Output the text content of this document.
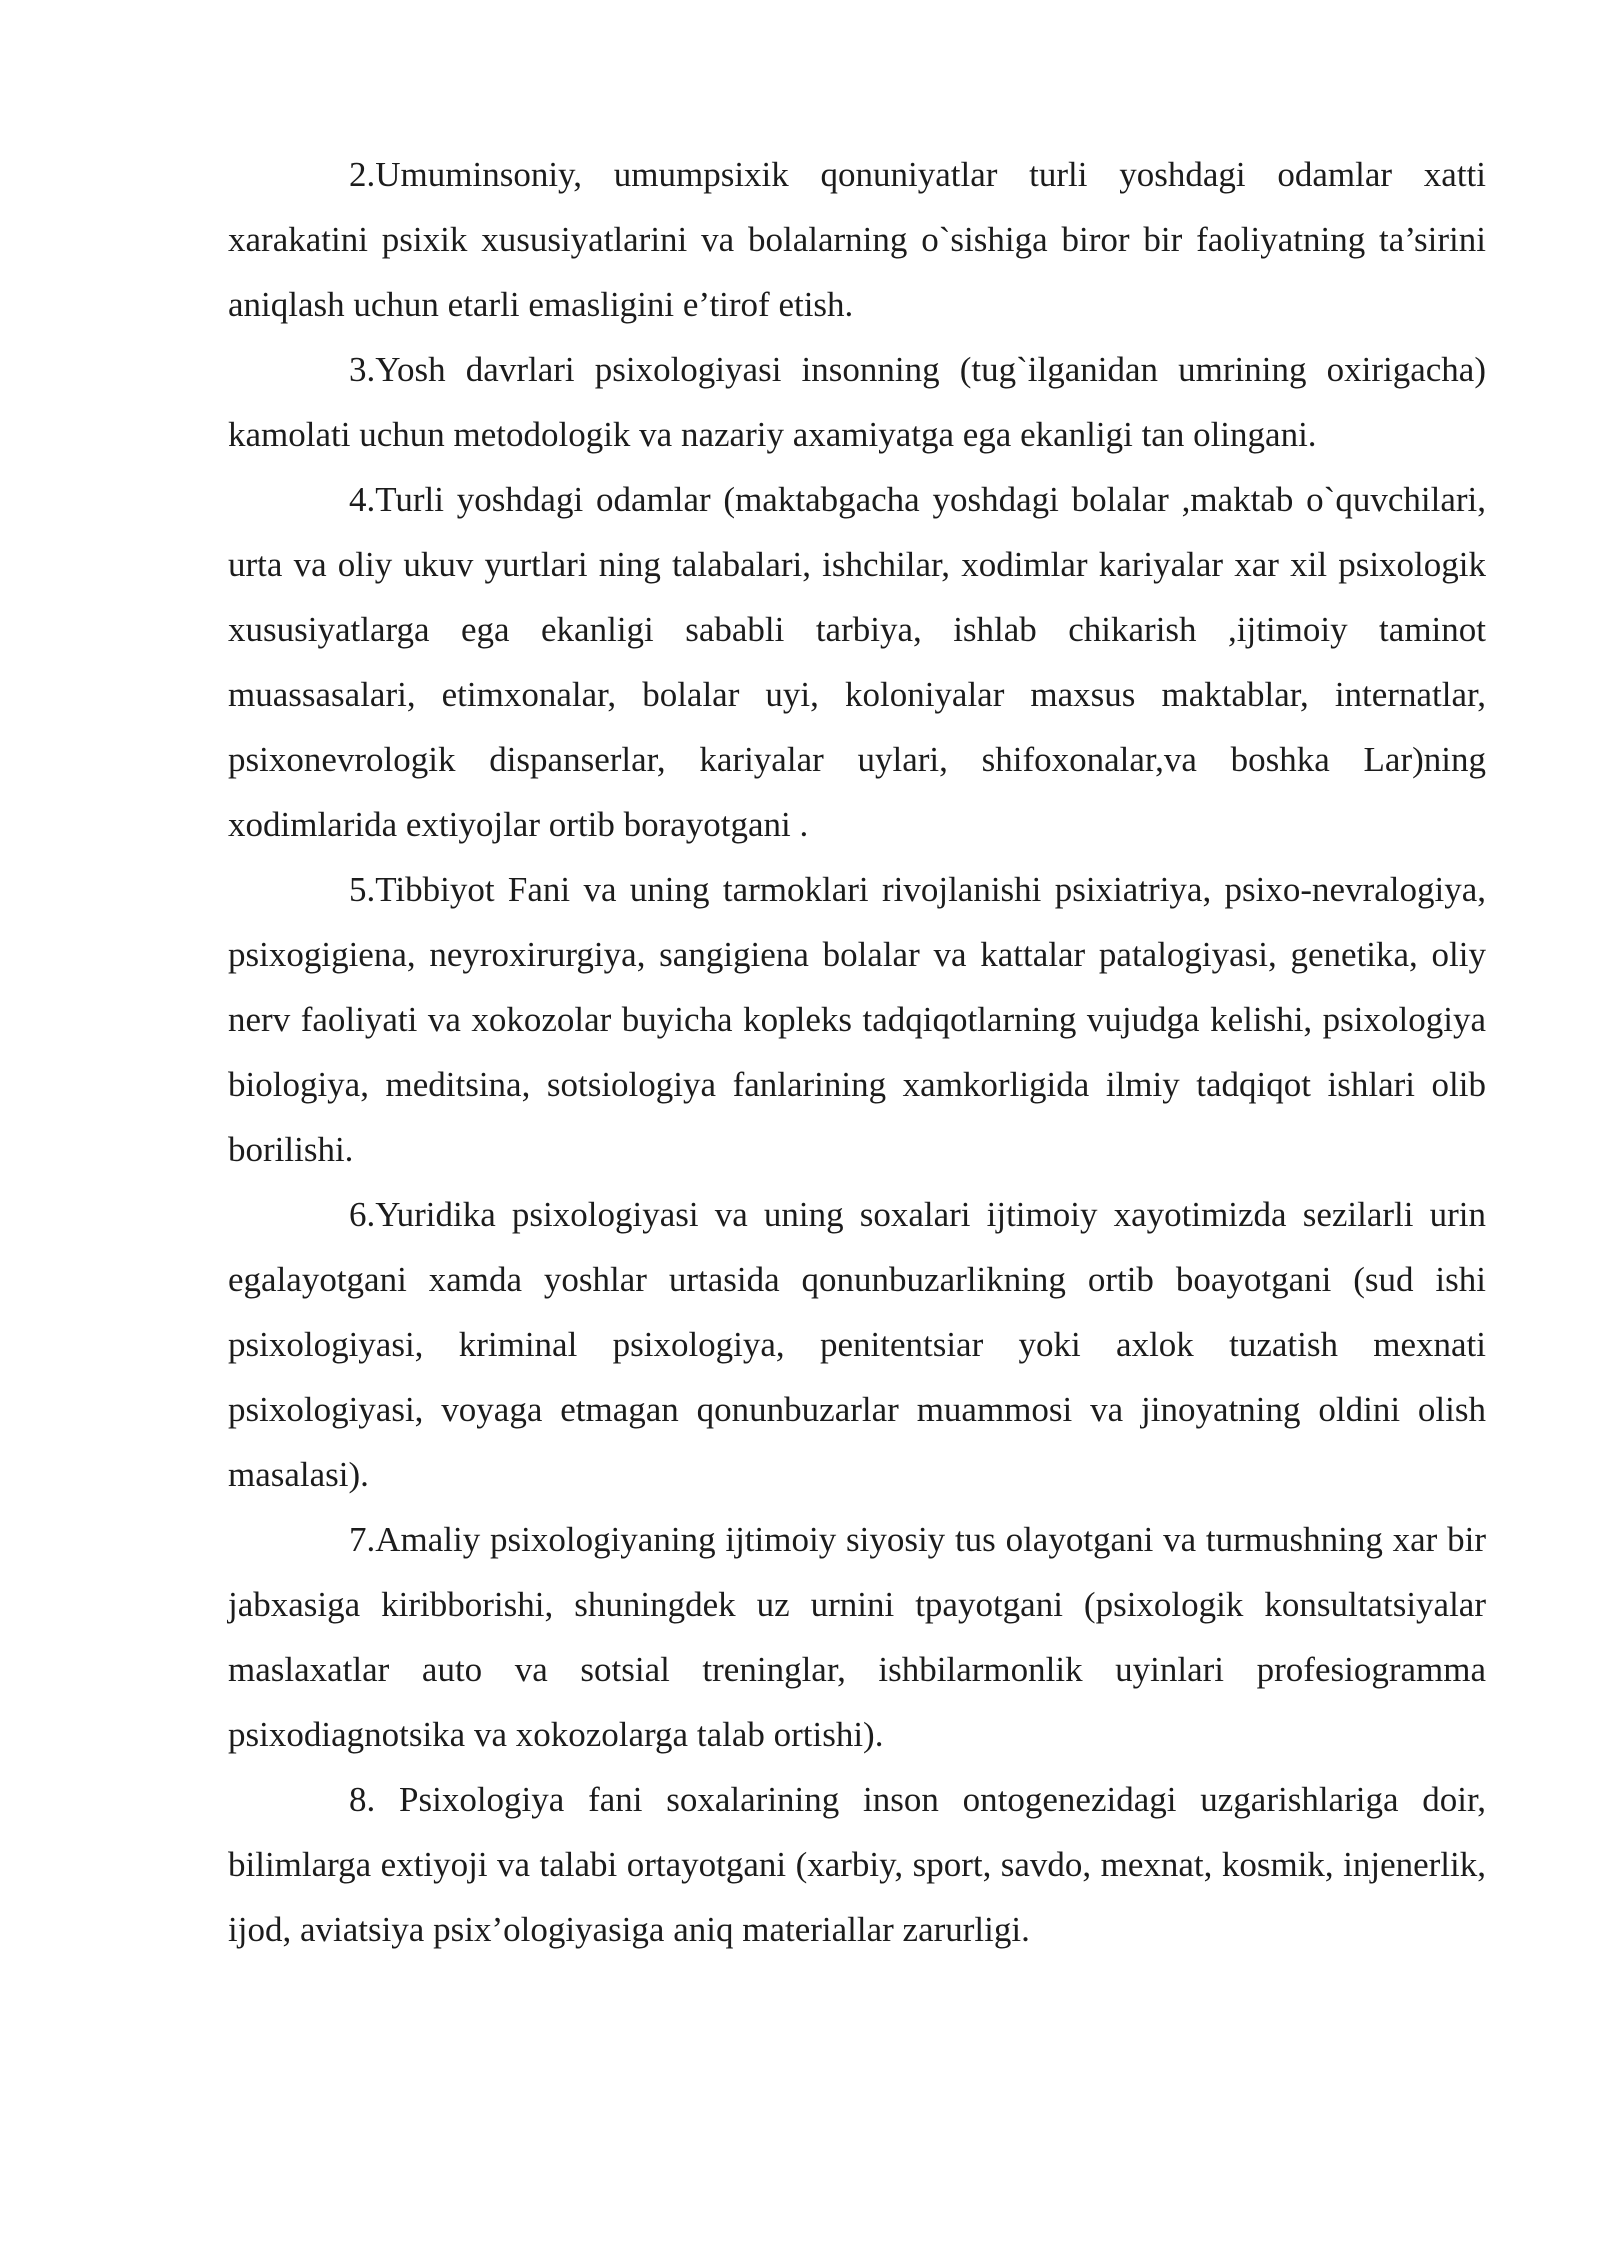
2.Umuminsoniy, umumpsixik qonuniyatlar turli yoshdagi odamlar xatti xarakatini psixik xususiyatlarini va bolalarning o`sishiga biror bir faoliyatning ta’sirini aniqlash uchun etarli emasligini e’tirof etish.

3.Yosh davrlari psixologiyasi insonning (tug`ilganidan umrining oxirigacha) kamolati uchun metodologik va nazariy axamiyatga ega ekanligi tan olingani.

4.Turli yoshdagi odamlar (maktabgacha yoshdagi bolalar ,maktab o`quvchilari, urta va oliy ukuv yurtlari ning talabalari, ishchilar, xodimlar kariyalar xar xil psixologik xususiyatlarga ega ekanligi sababli tarbiya, ishlab chikarish ,ijtimoiy taminot muassasalari, etimxonalar, bolalar uyi, koloniyalar maxsus maktablar, internatlar, psixonevrologik dispanserlar, kariyalar uylari, shifoxonalar,va boshka Lar)ning xodimlarida extiyojlar ortib borayotgani .

5.Tibbiyot Fani va uning tarmoklari rivojlanishi psixiatriya, psixo-nevralogiya, psixogigiena, neyroxirurgiya, sangigiena bolalar va kattalar patalogiyasi, genetika, oliy nerv faoliyati va xokozolar buyicha kopleks tadqiqotlarning vujudga kelishi, psixologiya biologiya, meditsina, sotsiologiya fanlarining xamkorligida ilmiy tadqiqot ishlari olib borilishi.

6.Yuridika psixologiyasi va uning soxalari ijtimoiy xayotimizda sezilarli urin egalayotgani xamda yoshlar urtasida qonunbuzarlikning ortib boayotgani (sud ishi psixologiyasi, kriminal psixologiya, penitentsiar yoki axlok tuzatish mexnati psixologiyasi, voyaga etmagan qonunbuzarlar muammosi va jinoyatning oldini olish masalasi).

7.Amaliy psixologiyaning ijtimoiy siyosiy tus olayotgani va turmushning xar bir jabxasiga kiribborishi, shuningdek uz urnini tpayotgani (psixologik konsultatsiyalar maslaxatlar auto va sotsial treninglar, ishbilarmonlik uyinlari profesiogramma psixodiagnotsika va xokozolarga talab ortishi).

8. Psixologiya fani soxalarining inson ontogenezidagi uzgarishlariga doir, bilimlarga extiyoji va talabi ortayotgani (xarbiy, sport, savdo, mexnat, kosmik, injenerlik, ijod, aviatsiya psix’ologiyasiga aniq materiallar zarurligi.
